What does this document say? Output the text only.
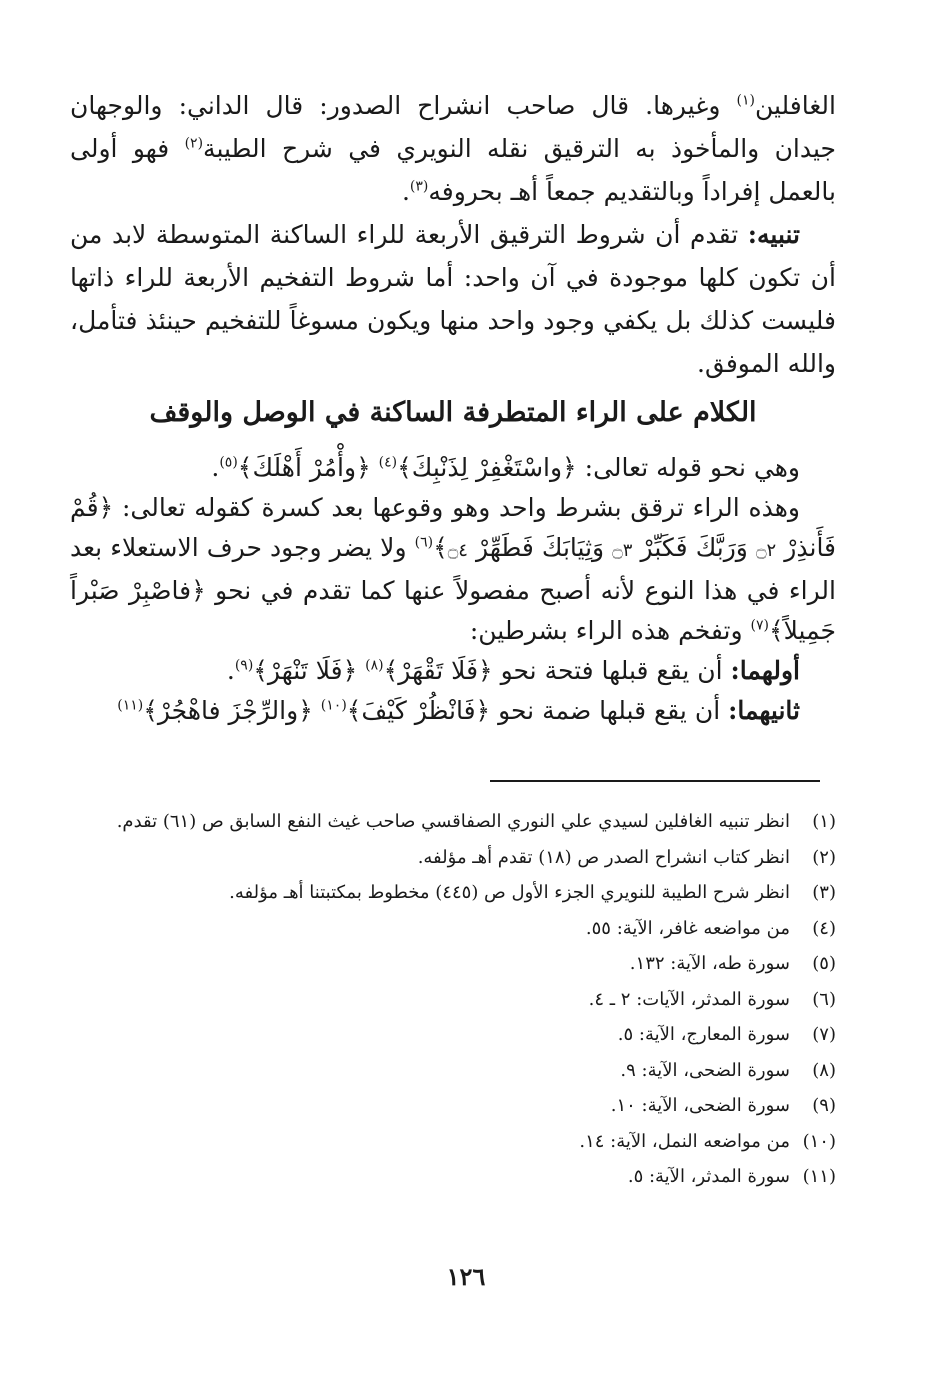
الغافلين$^{(١)}$ وغيرها. قال صاحب انشراح الصدور: قال الداني: والوجهان جيدان والمأخوذ به الترقيق نقله النويري في شرح الطيبة$^{(٢)}$ فهو أولى بالعمل إفراداً وبالتقديم جمعاً أهـ بحروفه$^{(٣)}$.

تنبيه: تقدم أن شروط الترقيق الأربعة للراء الساكنة المتوسطة لابد من أن تكون كلها موجودة في آن واحد: أما شروط التفخيم الأربعة للراء ذاتها فليست كذلك بل يكفي وجود واحد منها ويكون مسوغاً للتفخيم حينئذ فتأمل، والله الموفق.

الكلام على الراء المتطرفة الساكنة في الوصل والوقف

وهي نحو قوله تعالى: ﴿واسْتَغْفِرْ لِذَنْبِكَ﴾$^{(٤)}$ ﴿وأْمُرْ أَهْلَكَ﴾$^{(٥)}$.

وهذه الراء ترقق بشرط واحد وهو وقوعها بعد كسرة كقوله تعالى: ﴿قُمْ فَأَنذِرْ ۝٢ وَرَبَّكَ فَكَبِّرْ ۝٣ وَثِيَابَكَ فَطَهِّرْ ۝٤﴾$^{(٦)}$ ولا يضر وجود حرف الاستعلاء بعد الراء في هذا النوع لأنه أصبح مفصولاً عنها كما تقدم في نحو ﴿فاصْبِرْ صَبْراً جَمِيلاً﴾$^{(٧)}$ وتفخم هذه الراء بشرطين:

أولهما: أن يقع قبلها فتحة نحو ﴿فَلَا تَقْهَرْ﴾$^{(٨)}$ ﴿فَلَا تَنْهَرْ﴾$^{(٩)}$.

ثانيهما: أن يقع قبلها ضمة نحو ﴿فَانْظُرْ كَيْفَ﴾$^{(١٠)}$ ﴿والرِّجْزَ فاهْجُرْ﴾$^{(١١)}$

(١)
انظر تنبيه الغافلين لسيدي علي النوري الصفاقسي صاحب غيث النفع السابق ص (٦١) تقدم.
(٢)
انظر كتاب انشراح الصدر ص (١٨) تقدم أهـ مؤلفه.
(٣)
انظر شرح الطيبة للنويري الجزء الأول ص (٤٤٥) مخطوط بمكتبتنا أهـ مؤلفه.
(٤)
من مواضعه غافر، الآية: ٥٥.
(٥)
سورة طه، الآية: ١٣٢.
(٦)
سورة المدثر، الآيات: ٢ ـ ٤.
(٧)
سورة المعارج، الآية: ٥.
(٨)
سورة الضحى، الآية: ٩.
(٩)
سورة الضحى، الآية: ١٠.
(١٠)
من مواضعه النمل، الآية: ١٤.
(١١)
سورة المدثر، الآية: ٥.
١٢٦
